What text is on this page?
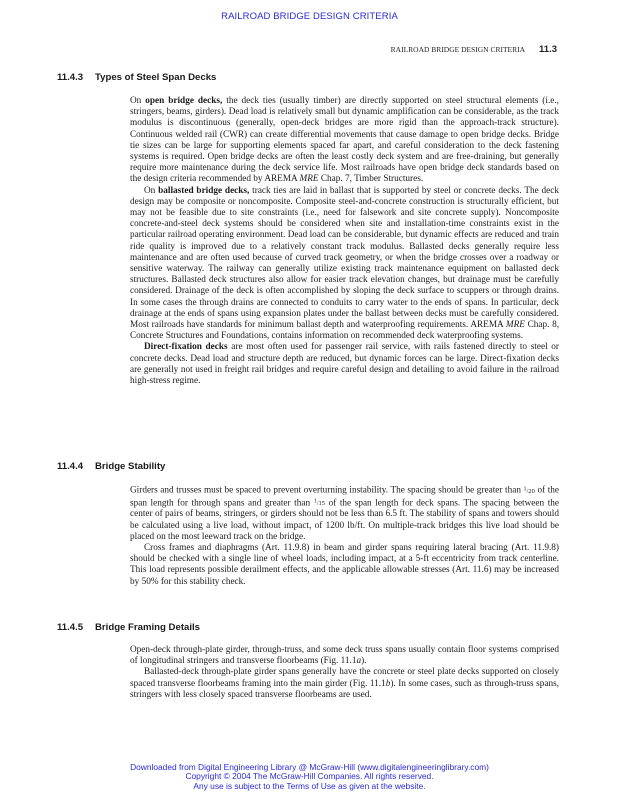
RAILROAD BRIDGE DESIGN CRITERIA
RAILROAD BRIDGE DESIGN CRITERIA 11.3
11.4.3 Types of Steel Span Decks

On open bridge decks, the deck ties (usually timber) are directly supported on steel structural elements (i.e., stringers, beams, girders). Dead load is relatively small but dynamic amplification can be considerable, as the track modulus is discontinuous (generally, open-deck bridges are more rigid than the approach-track structure). Continuous welded rail (CWR) can create differential movements that cause damage to open bridge decks. Bridge tie sizes can be large for supporting elements spaced far apart, and careful consideration to the deck fastening systems is required. Open bridge decks are often the least costly deck system and are free-draining, but generally require more maintenance during the deck service life. Most railroads have open bridge deck standards based on the design criteria recommended by AREMA MRE Chap. 7, Timber Structures.

On ballasted bridge decks, track ties are laid in ballast that is supported by steel or concrete decks. The deck design may be composite or noncomposite. Composite steel-and-concrete construction is structurally efficient, but may not be feasible due to site constraints (i.e., need for falsework and site concrete supply). Noncomposite concrete-and-steel deck systems should be considered when site and installation-time constraints exist in the particular railroad operating environment. Dead load can be considerable, but dynamic effects are reduced and train ride quality is improved due to a relatively constant track modulus. Ballasted decks generally require less maintenance and are often used because of curved track geometry, or when the bridge crosses over a roadway or sensitive waterway. The railway can generally utilize existing track maintenance equipment on ballasted deck structures. Ballasted deck structures also allow for easier track elevation changes, but drainage must be carefully considered. Drainage of the deck is often accomplished by sloping the deck surface to scuppers or through drains. In some cases the through drains are connected to conduits to carry water to the ends of spans. In particular, deck drainage at the ends of spans using expansion plates under the ballast between decks must be carefully considered. Most railroads have standards for minimum ballast depth and waterproofing requirements. AREMA MRE Chap. 8, Concrete Structures and Foundations, contains information on recommended deck waterproofing systems.

Direct-fixation decks are most often used for passenger rail service, with rails fastened directly to steel or concrete decks. Dead load and structure depth are reduced, but dynamic forces can be large. Direct-fixation decks are generally not used in freight rail bridges and require careful design and detailing to avoid failure in the railroad high-stress regime.

11.4.4 Bridge Stability

Girders and trusses must be spaced to prevent overturning instability. The spacing should be greater than $^1$/20 of the span length for through spans and greater than $^1$/15 of the span length for deck spans. The spacing between the center of pairs of beams, stringers, or girders should not be less than 6.5 ft. The stability of spans and towers should be calculated using a live load, without impact, of 1200 lb/ft. On multiple-track bridges this live load should be placed on the most leeward track on the bridge.

Cross frames and diaphragms (Art. 11.9.8) in beam and girder spans requiring lateral bracing (Art. 11.9.8) should be checked with a single line of wheel loads, including impact, at a 5-ft eccentricity from track centerline. This load represents possible derailment effects, and the applicable allowable stresses (Art. 11.6) may be increased by 50% for this stability check.

11.4.5 Bridge Framing Details

Open-deck through-plate girder, through-truss, and some deck truss spans usually contain floor systems comprised of longitudinal stringers and transverse floorbeams (Fig. 11.1a).

Ballasted-deck through-plate girder spans generally have the concrete or steel plate decks supported on closely spaced transverse floorbeams framing into the main girder (Fig. 11.1b). In some cases, such as through-truss spans, stringers with less closely spaced transverse floorbeams are used.

Downloaded from Digital Engineering Library @ McGraw-Hill (www.digitalengineeringlibrary.com)
Copyright © 2004 The McGraw-Hill Companies. All rights reserved.
Any use is subject to the Terms of Use as given at the website.
